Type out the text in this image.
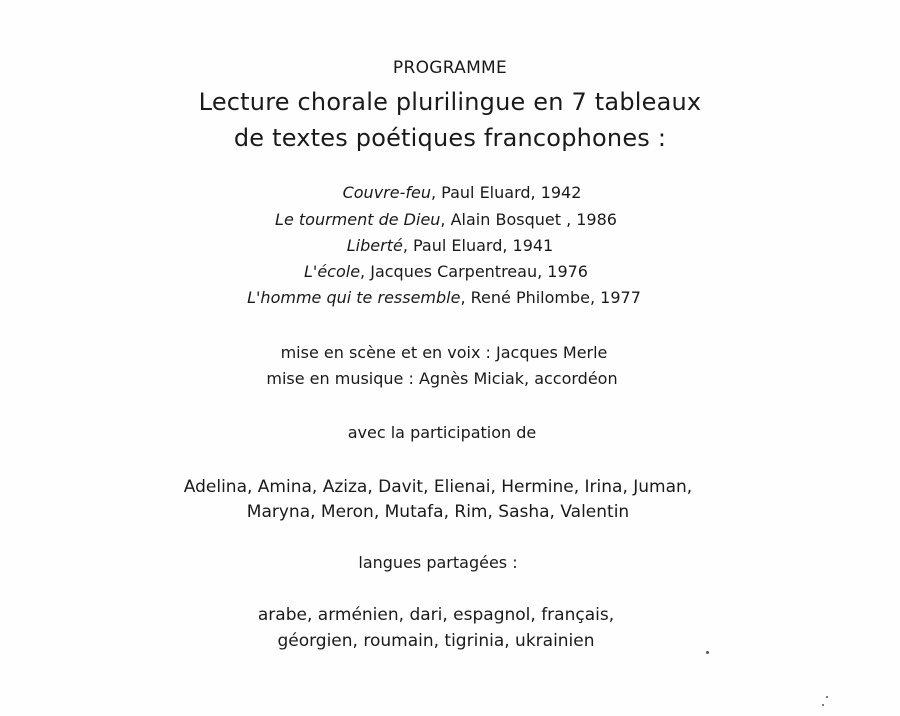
PROGRAMME
Lecture chorale plurilingue en 7 tableaux
de textes poétiques francophones :
Couvre-feu, Paul Eluard, 1942
Le tourment de Dieu, Alain Bosquet , 1986
Liberté, Paul Eluard, 1941
L'école, Jacques Carpentreau, 1976
L'homme qui te ressemble, René Philombe, 1977
mise en scène et en voix : Jacques Merle
mise en musique : Agnès Miciak, accordéon
avec la participation de
Adelina, Amina, Aziza, Davit, Elienai, Hermine, Irina, Juman,
Maryna, Meron, Mutafa, Rim, Sasha, Valentin
langues partagées :
arabe, arménien, dari, espagnol, français,
géorgien, roumain, tigrinia, ukrainien
